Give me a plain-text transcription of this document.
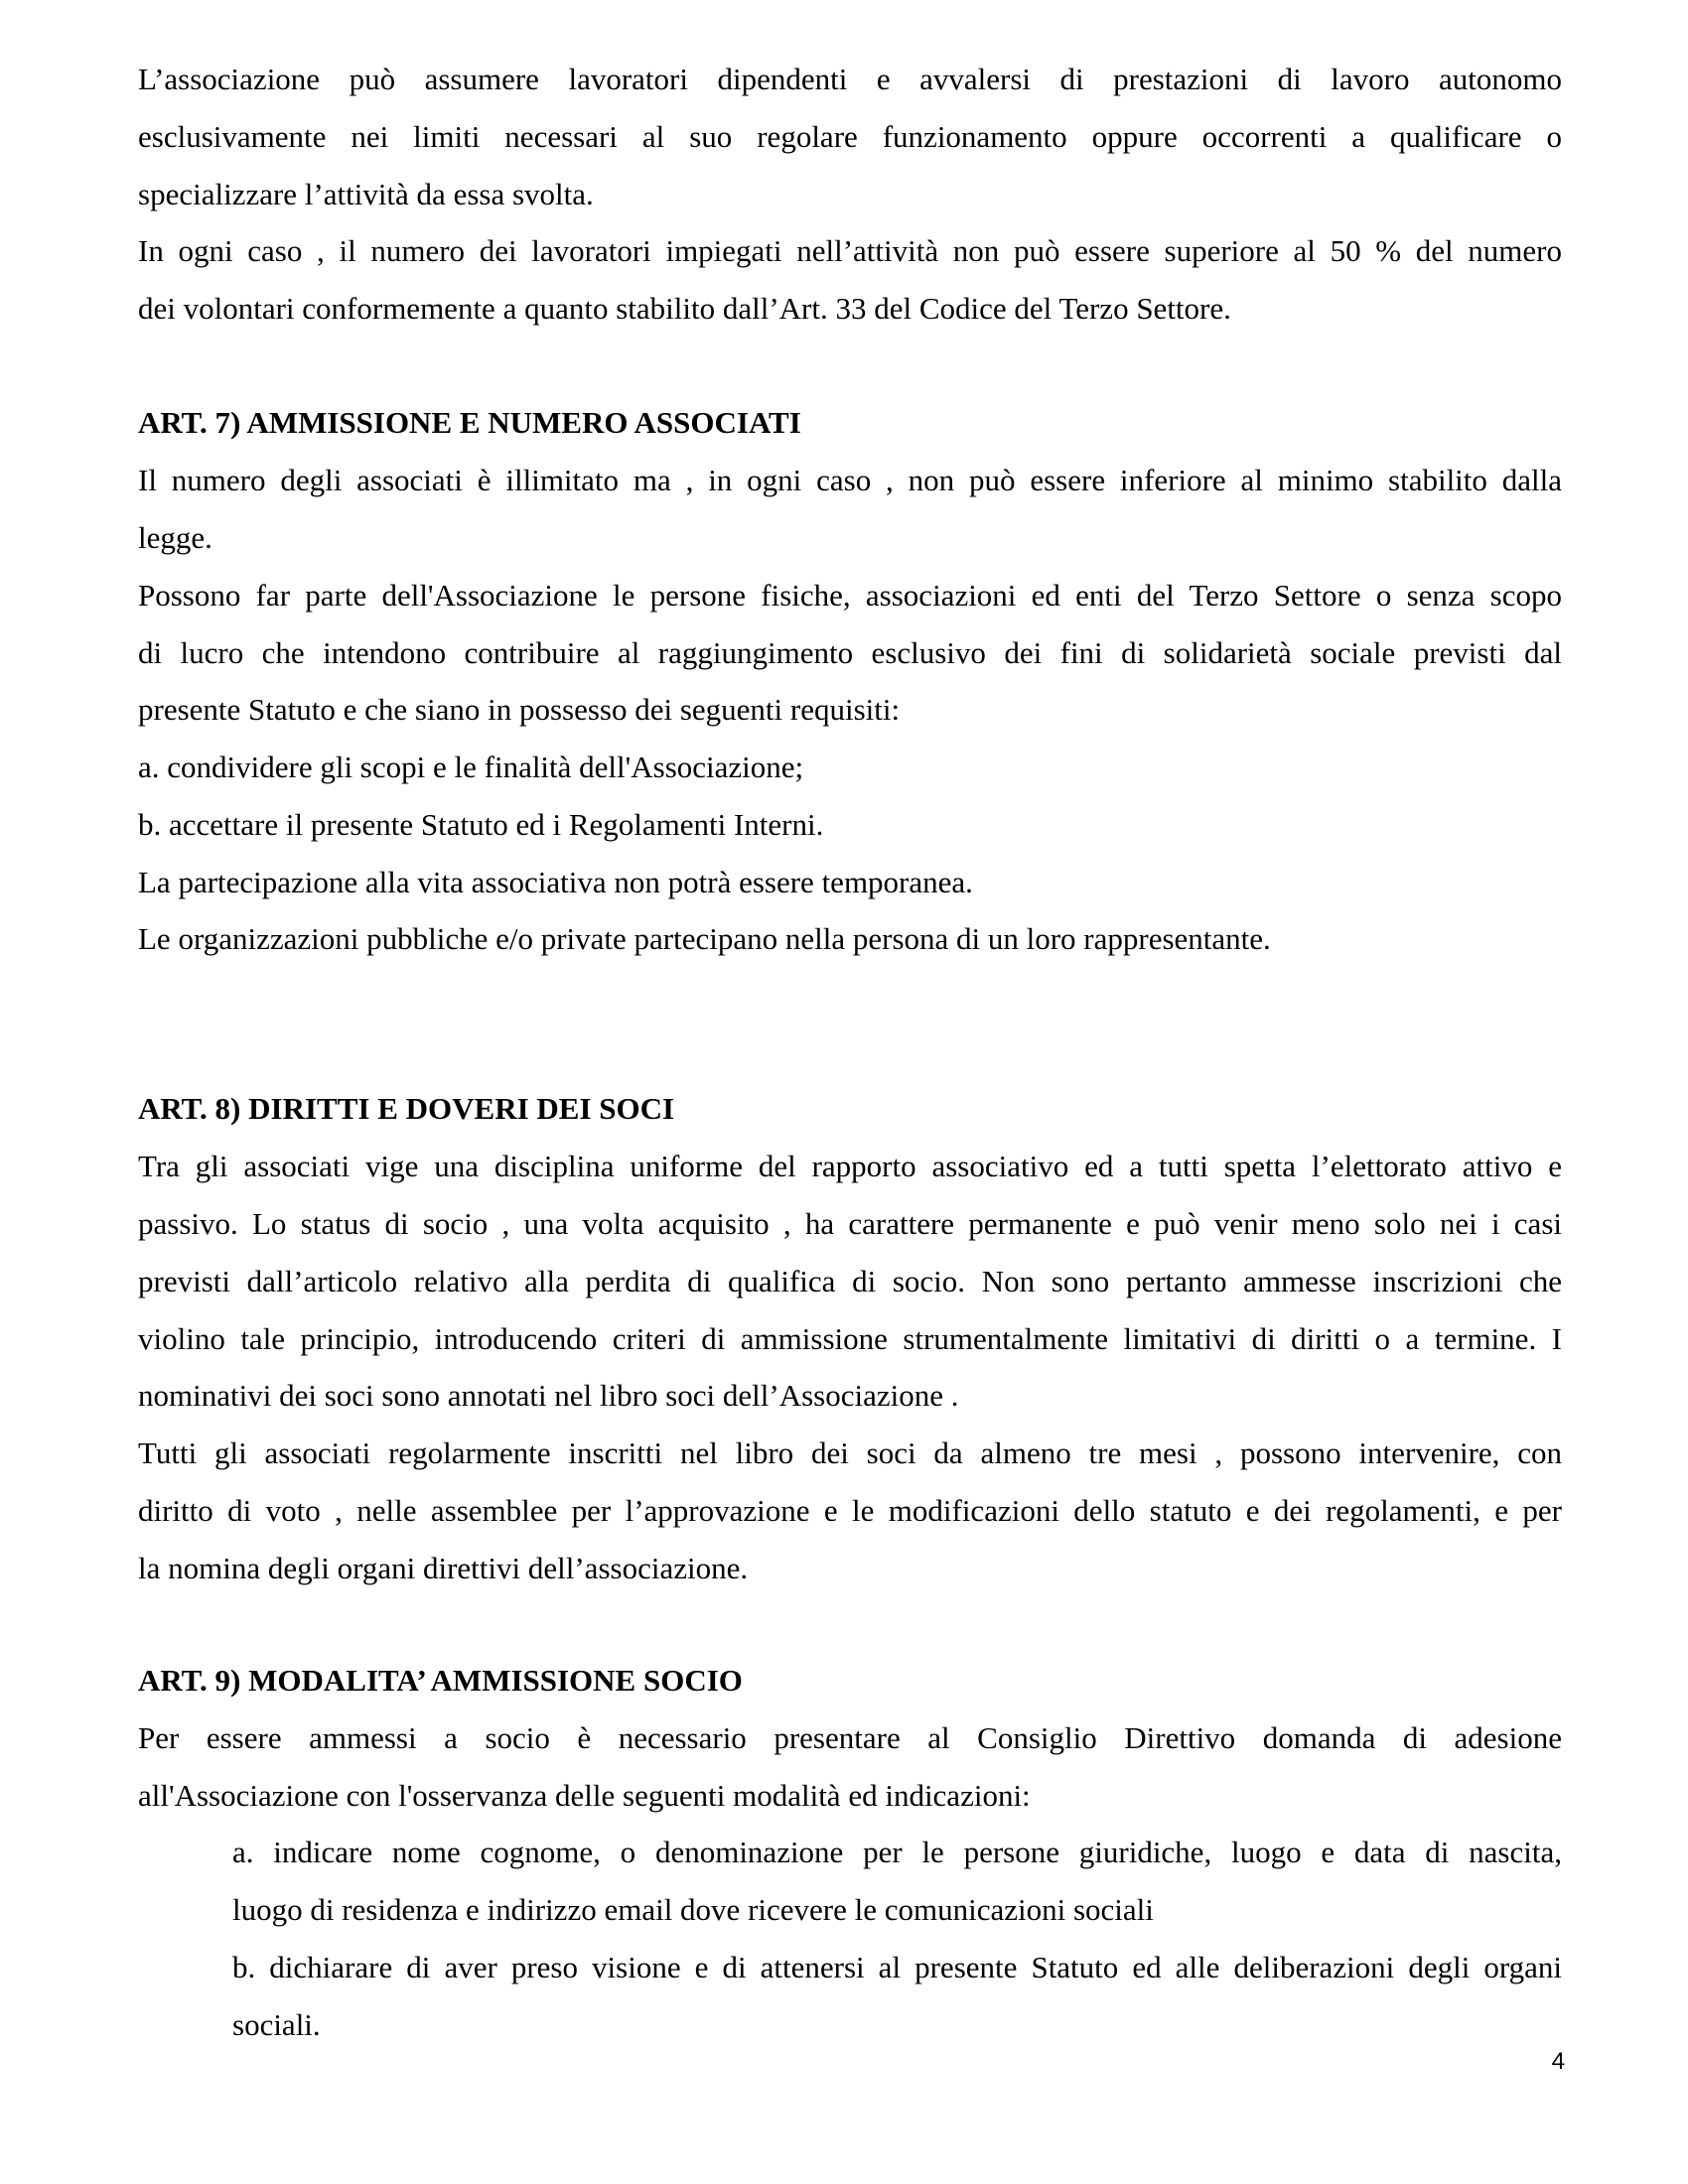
L’associazione può assumere lavoratori dipendenti e avvalersi di prestazioni di lavoro autonomo
esclusivamente nei limiti necessari al suo regolare funzionamento oppure occorrenti a qualificare o
specializzare l’attività da essa svolta.
In ogni caso , il numero dei lavoratori impiegati nell’attività non può essere superiore al 50 % del numero
dei volontari conformemente a quanto stabilito dall’Art. 33 del Codice del Terzo Settore.
ART. 7) AMMISSIONE E NUMERO ASSOCIATI
Il numero degli associati è illimitato ma , in ogni caso , non può essere inferiore al minimo stabilito dalla
legge.
Possono far parte dell'Associazione le persone fisiche, associazioni ed enti del Terzo Settore o senza scopo
di lucro che intendono contribuire al raggiungimento esclusivo dei fini di solidarietà sociale previsti dal
presente Statuto e che siano in possesso dei seguenti requisiti:
a. condividere gli scopi e le finalità dell'Associazione;
b. accettare il presente Statuto ed i Regolamenti Interni.
La partecipazione alla vita associativa non potrà essere temporanea.
Le organizzazioni pubbliche e/o private partecipano nella persona di un loro rappresentante.
ART. 8) DIRITTI E DOVERI DEI SOCI
Tra gli associati vige una disciplina uniforme del rapporto associativo ed a tutti spetta l’elettorato attivo e
passivo. Lo status di socio , una volta acquisito , ha carattere permanente e può venir meno solo nei i casi
previsti dall’articolo relativo alla perdita di qualifica di socio. Non sono pertanto ammesse inscrizioni che
violino tale principio, introducendo criteri di ammissione strumentalmente limitativi di diritti o a termine. I
nominativi dei soci sono annotati nel libro soci dell’Associazione .
Tutti gli associati regolarmente inscritti nel libro dei soci da almeno tre mesi , possono intervenire, con
diritto di voto , nelle assemblee per l’approvazione e le modificazioni dello statuto e dei regolamenti, e per
la nomina degli organi direttivi dell’associazione.
ART. 9) MODALITA’ AMMISSIONE SOCIO
Per essere ammessi a socio è necessario presentare al Consiglio Direttivo domanda di adesione
all'Associazione con l'osservanza delle seguenti modalità ed indicazioni:
a. indicare nome cognome, o denominazione per le persone giuridiche, luogo e data di nascita,
luogo di residenza e indirizzo email dove ricevere le comunicazioni sociali
b. dichiarare di aver preso visione e di attenersi al presente Statuto ed alle deliberazioni degli organi
sociali.
4
